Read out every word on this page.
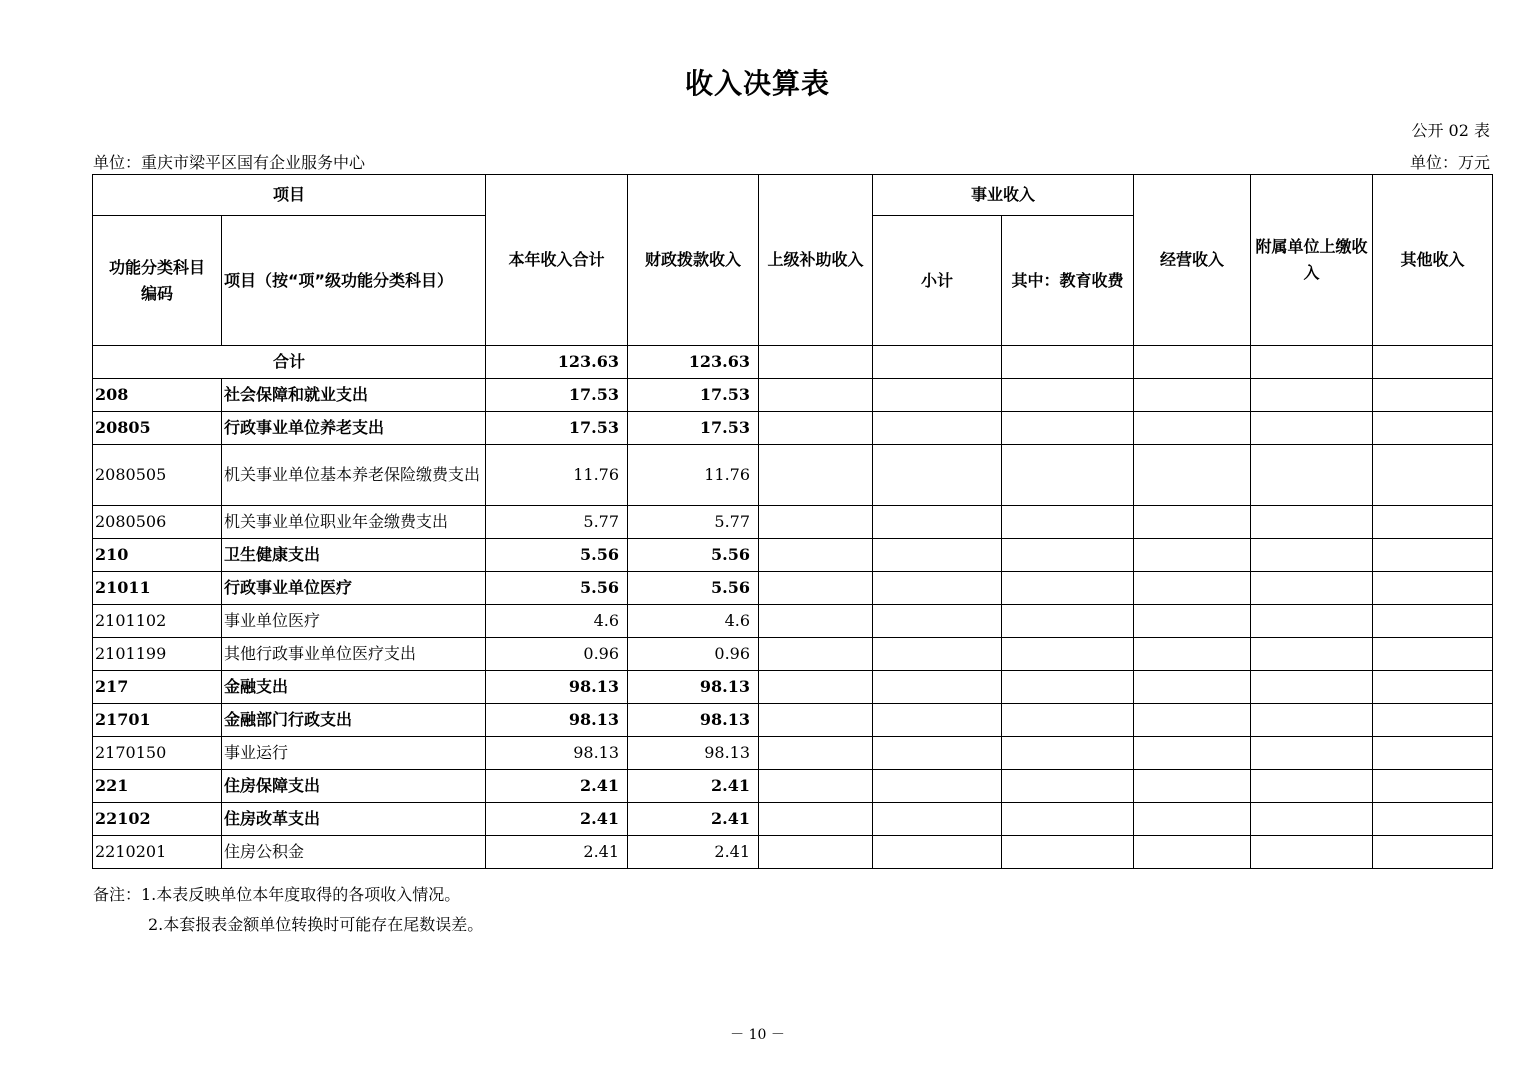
收入决算表
公开 02 表
单位：重庆市梁平区国有企业服务中心	单位：万元
项目		本年收入合计	财政拨款收入	上级补助收入	事业收入		经营收入	附属单位上缴收入	其他收入
功能分类科目编码	项目（按“项”级功能分类科目）				小计	其中：教育收费			
合计		123.63	123.63						
208	社会保障和就业支出	17.53	17.53						
20805	行政事业单位养老支出	17.53	17.53						
2080505	机关事业单位基本养老保险缴费支出	11.76	11.76						
2080506	机关事业单位职业年金缴费支出	5.77	5.77						
210	卫生健康支出	5.56	5.56						
21011	行政事业单位医疗	5.56	5.56						
2101102	事业单位医疗	4.6	4.6						
2101199	其他行政事业单位医疗支出	0.96	0.96						
217	金融支出	98.13	98.13						
21701	金融部门行政支出	98.13	98.13						
2170150	事业运行	98.13	98.13						
221	住房保障支出	2.41	2.41						
22102	住房改革支出	2.41	2.41						
2210201	住房公积金	2.41	2.41						
备注：1.本表反映单位本年度取得的各项收入情况。
2.本套报表金额单位转换时可能存在尾数误差。
－ 10 －
